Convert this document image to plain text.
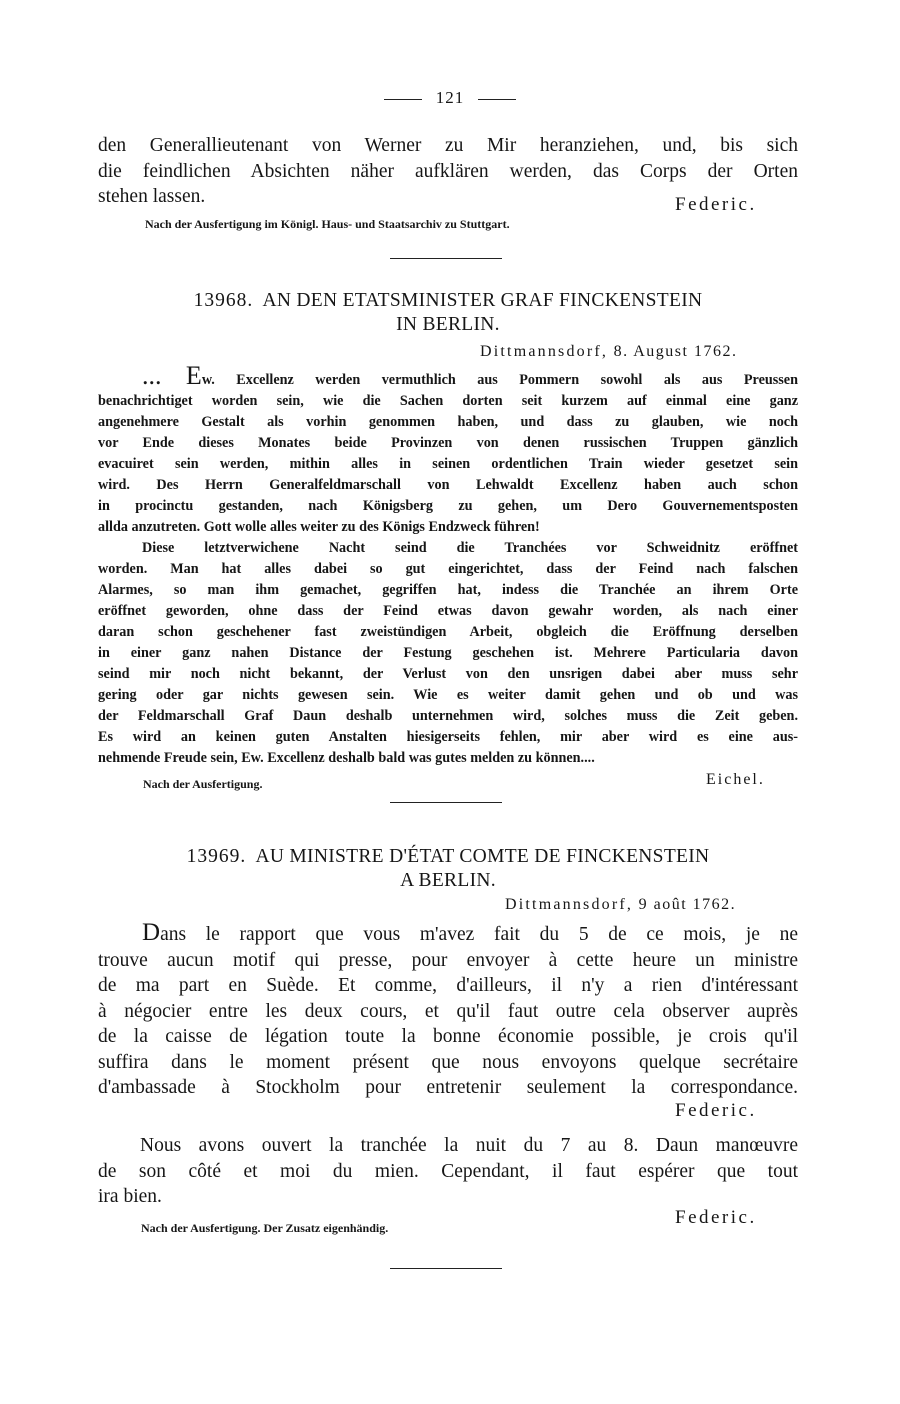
121
den Generallieutenant von Werner zu Mir heranziehen, und, bis sich
die feindlichen Absichten näher aufklären werden, das Corps der Orten
stehen lassen.	Federic.
Nach der Ausfertigung im Königl. Haus- und Staatsarchiv zu Stuttgart.
13968. AN DEN ETATSMINISTER GRAF FINCKENSTEIN
IN BERLIN.
Dittmannsdorf, 8. August 1762.
... Ew. Excellenz werden vermuthlich aus Pommern sowohl als aus Preussen
benachrichtiget worden sein, wie die Sachen dorten seit kurzem auf einmal eine ganz
angenehmere Gestalt als vorhin genommen haben, und dass zu glauben, wie noch
vor Ende dieses Monates beide Provinzen von denen russischen Truppen gänzlich
evacuiret sein werden, mithin alles in seinen ordentlichen Train wieder gesetzet sein
wird. Des Herrn Generalfeldmarschall von Lehwaldt Excellenz haben auch schon
in procinctu gestanden, nach Königsberg zu gehen, um Dero Gouvernementsposten
allda anzutreten. Gott wolle alles weiter zu des Königs Endzweck führen!
Diese letztverwichene Nacht seind die Tranchées vor Schweidnitz eröffnet
worden. Man hat alles dabei so gut eingerichtet, dass der Feind nach falschen
Alarmes, so man ihm gemachet, gegriffen hat, indess die Tranchée an ihrem Orte
eröffnet geworden, ohne dass der Feind etwas davon gewahr worden, als nach einer
daran schon geschehener fast zweistündigen Arbeit, obgleich die Eröffnung derselben
in einer ganz nahen Distance der Festung geschehen ist. Mehrere Particularia davon
seind mir noch nicht bekannt, der Verlust von den unsrigen dabei aber muss sehr
gering oder gar nichts gewesen sein. Wie es weiter damit gehen und ob und was
der Feldmarschall Graf Daun deshalb unternehmen wird, solches muss die Zeit geben.
Es wird an keinen guten Anstalten hiesigerseits fehlen, mir aber wird es eine aus-
nehmende Freude sein, Ew. Excellenz deshalb bald was gutes melden zu können....
Nach der Ausfertigung.	Eichel.
13969. AU MINISTRE D'ÉTAT COMTE DE FINCKENSTEIN
A BERLIN.
Dittmannsdorf, 9 août 1762.
Dans le rapport que vous m'avez fait du 5 de ce mois, je ne
trouve aucun motif qui presse, pour envoyer à cette heure un ministre
de ma part en Suède. Et comme, d'ailleurs, il n'y a rien d'intéressant
à négocier entre les deux cours, et qu'il faut outre cela observer auprès
de la caisse de légation toute la bonne économie possible, je crois qu'il
suffira dans le moment présent que nous envoyons quelque secrétaire
d'ambassade à Stockholm pour entretenir seulement la correspondance.
Federic.
Nous avons ouvert la tranchée la nuit du 7 au 8. Daun manœuvre
de son côté et moi du mien. Cependant, il faut espérer que tout
ira bien.
Nach der Ausfertigung. Der Zusatz eigenhändig.	Federic.
